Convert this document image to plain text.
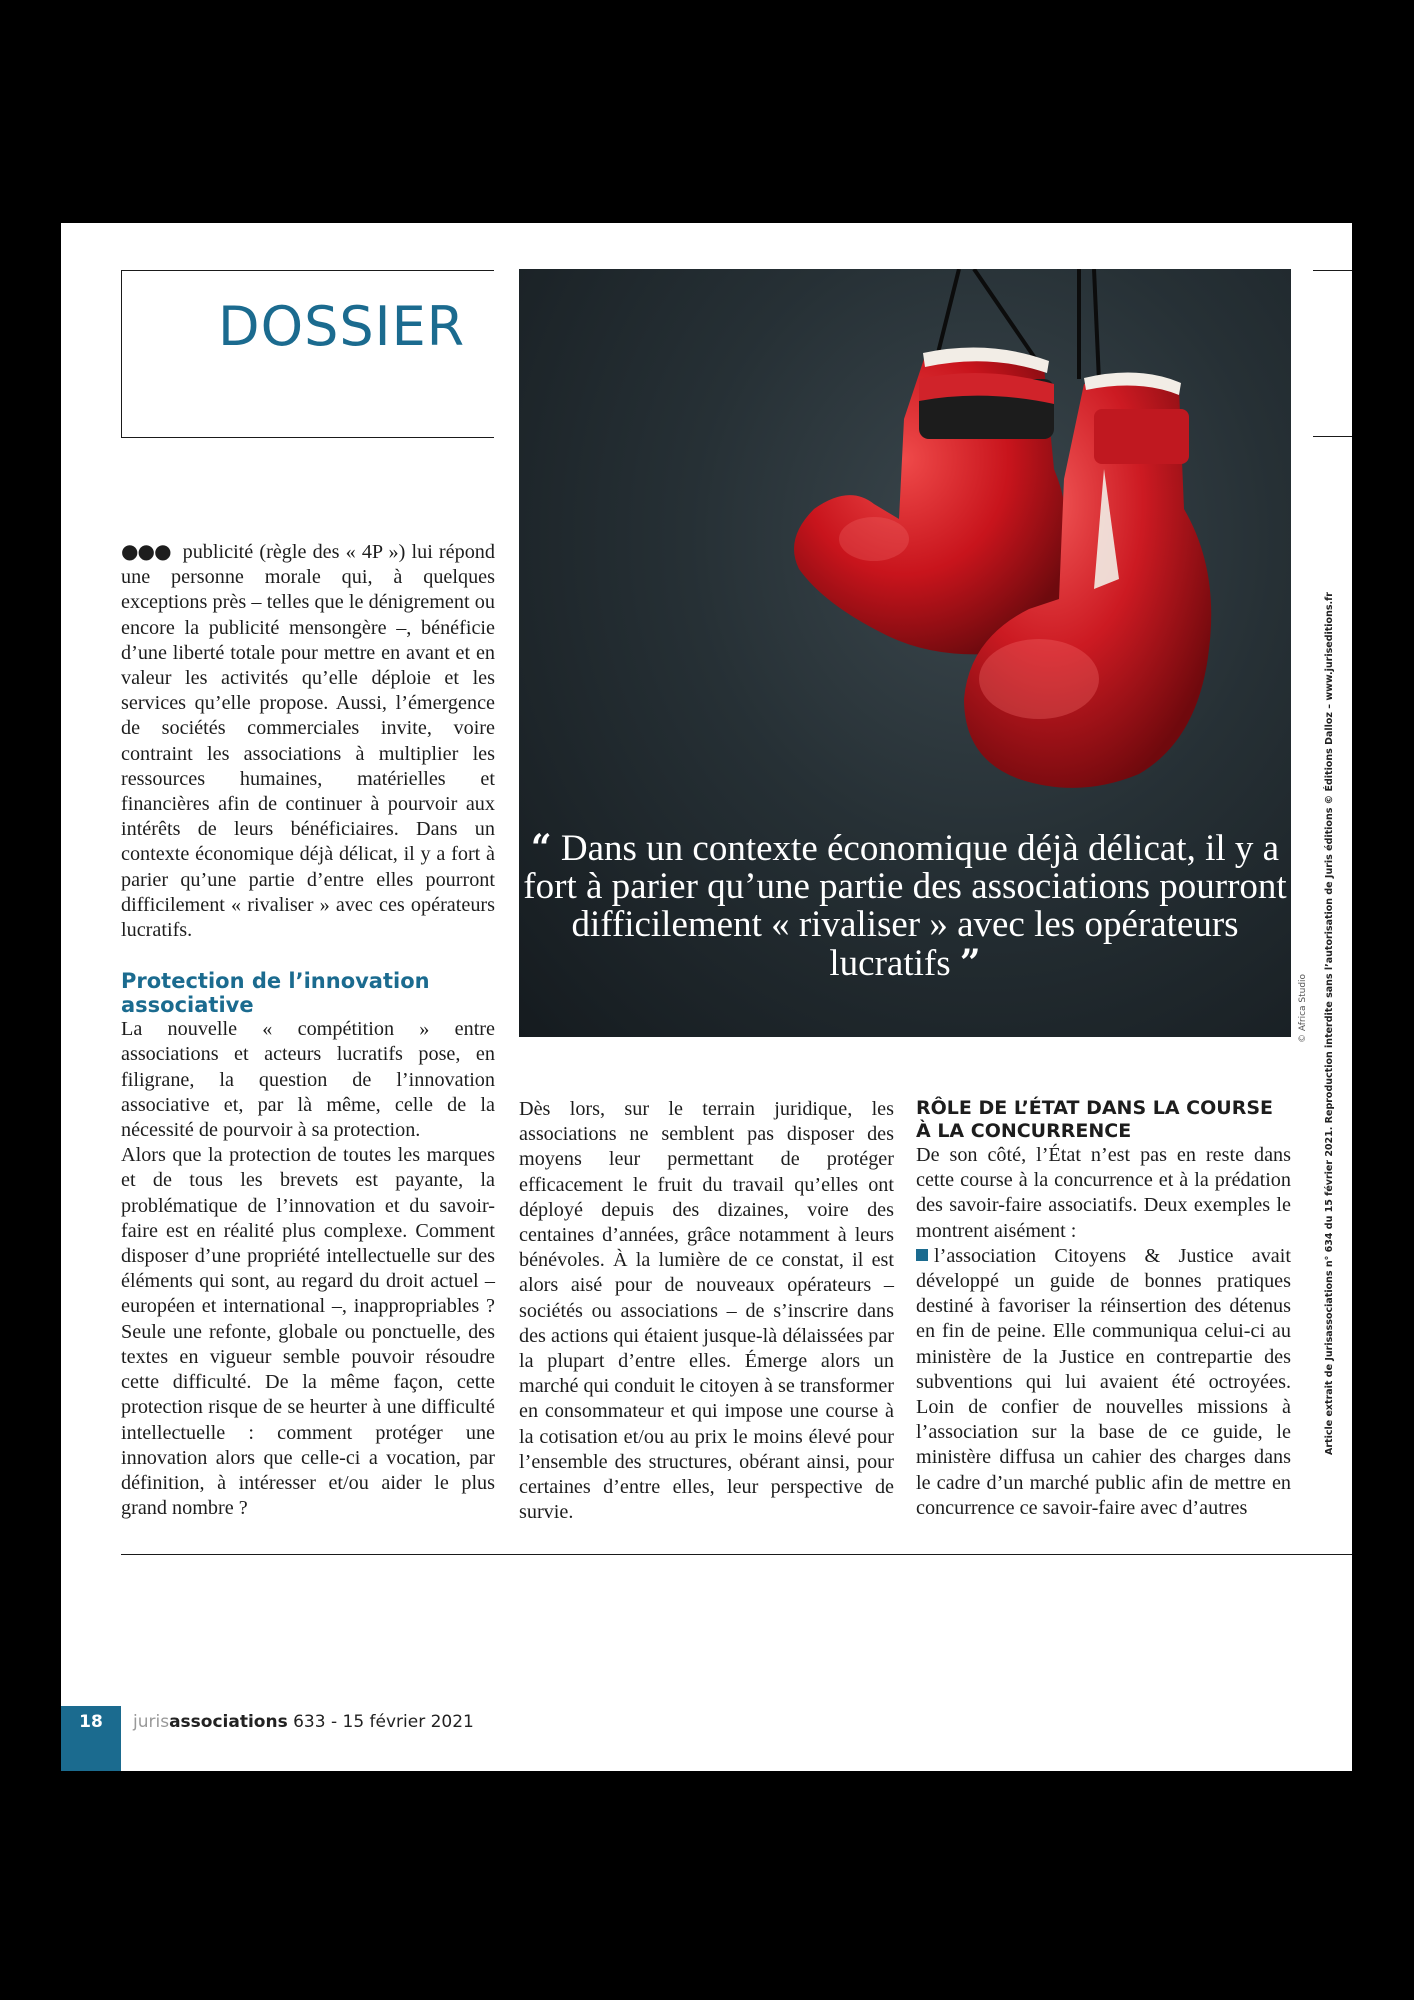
DOSSIER
“ Dans un contexte économique déjà délicat, il y a fort à parier qu’une partie des associations pourront difficilement « rivaliser » avec les opérateurs lucratifs ”
© Africa Studio Article extrait de Jurisassociations n° 634 du 15 février 2021. Reproduction interdite sans l’autorisation de Juris éditions © Éditions Dalloz – www.juriseditions.fr

●●● publicité (règle des « 4P ») lui répond une personne morale qui, à quelques exceptions près – telles que le dénigrement ou encore la publicité mensongère –, bénéficie d’une liberté totale pour mettre en avant et en valeur les activités qu’elle déploie et les services qu’elle propose. Aussi, l’émergence de sociétés commerciales invite, voire contraint les associations à multiplier les ressources humaines, matérielles et financières afin de continuer à pourvoir aux intérêts de leurs bénéficiaires. Dans un contexte économique déjà délicat, il y a fort à parier qu’une partie d’entre elles pourront difficilement « rivaliser » avec ces opérateurs lucratifs.

Protection de l’innovation associative

La nouvelle « compétition » entre associations et acteurs lucratifs pose, en filigrane, la question de l’innovation associative et, par là même, celle de la nécessité de pourvoir à sa protection.

Alors que la protection de toutes les marques et de tous les brevets est payante, la problématique de l’innovation et du savoir-faire est en réalité plus complexe. Comment disposer d’une propriété intellectuelle sur des éléments qui sont, au regard du droit actuel – européen et international –, inappropriables ? Seule une refonte, globale ou ponctuelle, des textes en vigueur semble pouvoir résoudre cette difficulté. De la même façon, cette protection risque de se heurter à une difficulté intellectuelle : comment protéger une innovation alors que celle-ci a vocation, par définition, à intéresser et/ou aider le plus grand nombre ?

Dès lors, sur le terrain juridique, les associations ne semblent pas disposer des moyens leur permettant de protéger efficacement le fruit du travail qu’elles ont déployé depuis des dizaines, voire des centaines d’années, grâce notamment à leurs bénévoles. À la lumière de ce constat, il est alors aisé pour de nouveaux opérateurs – sociétés ou associations – de s’inscrire dans des actions qui étaient jusque-là délaissées par la plupart d’entre elles. Émerge alors un marché qui conduit le citoyen à se transformer en consommateur et qui impose une course à la cotisation et/ou au prix le moins élevé pour l’ensemble des structures, obérant ainsi, pour certaines d’entre elles, leur perspective de survie.

RÔLE DE L’ÉTAT DANS LA COURSE À LA CONCURRENCE

De son côté, l’État n’est pas en reste dans cette course à la concurrence et à la prédation des savoir-faire associatifs. Deux exemples le montrent aisément :

l’association Citoyens & Justice avait développé un guide de bonnes pratiques destiné à favoriser la réinsertion des détenus en fin de peine. Elle communiqua celui-ci au ministère de la Justice en contrepartie des subventions qui lui avaient été octroyées. Loin de confier de nouvelles missions à l’association sur la base de ce guide, le ministère diffusa un cahier des charges dans le cadre d’un marché public afin de mettre en concurrence ce savoir-faire avec d’autres

18	jurisassociations 633 - 15 février 2021
